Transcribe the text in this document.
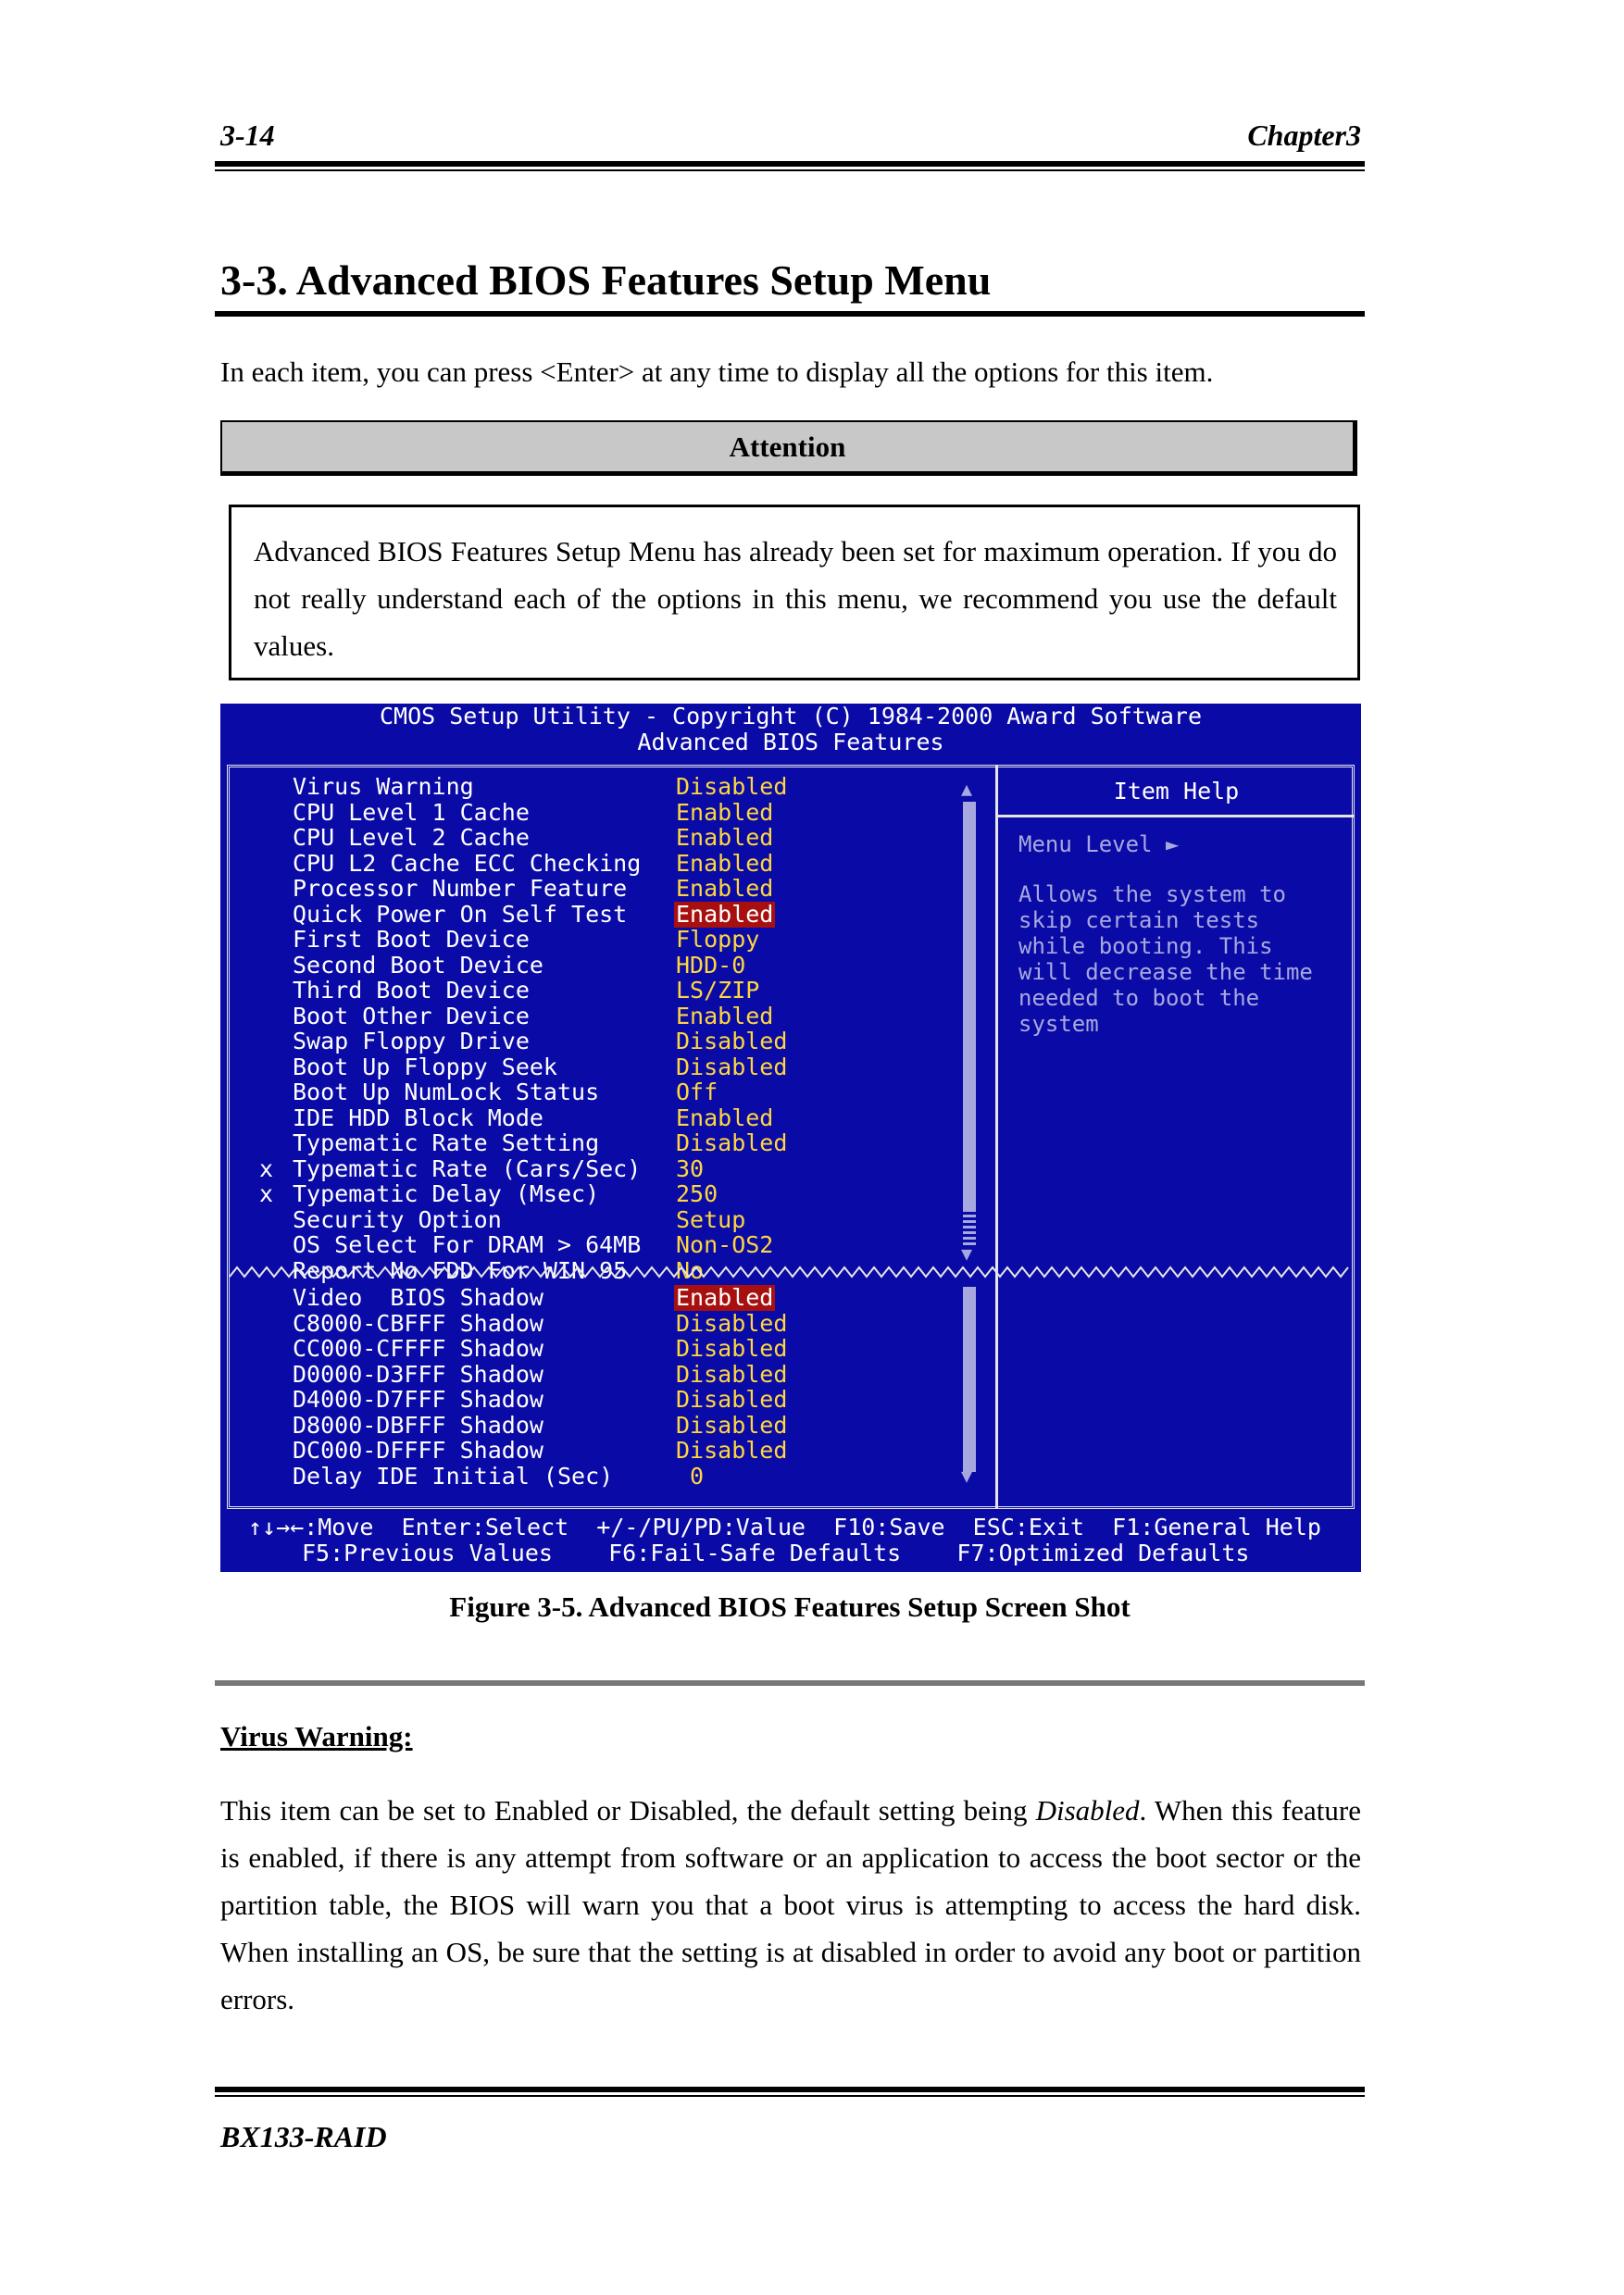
3-14	Chapter3
3-3. Advanced BIOS Features Setup Menu
In each item, you can press <Enter> at any time to display all the options for this item.
Attention
Advanced BIOS Features Setup Menu has already been set for maximum operation. If you do not really understand each of the options in this menu, we recommend you use the default values.
CMOS Setup Utility - Copyright (C) 1984-2000 Award Software
Advanced BIOS Features
Item Help
Menu Level ►
Allows the system to
skip certain tests
while booting. This
will decrease the time
needed to boot the
system
Virus Warning	Disabled
CPU Level 1 Cache	Enabled
CPU Level 2 Cache	Enabled
CPU L2 Cache ECC Checking Enabled
Processor Number Feature Enabled
Quick Power On Self Test Enabled
First Boot Device	Floppy
Second Boot Device	HDD-0
Third Boot Device	LS/ZIP
Boot Other Device	Enabled
Swap Floppy Drive	Disabled
Boot Up Floppy Seek	Disabled
Boot Up NumLock Status	Off
IDE HDD Block Mode	Enabled
Typematic Rate Setting	Disabled
x Typematic Rate (Cars/Sec) 30
x Typematic Delay (Msec)	250
Security Option	Setup
OS Select For DRAM > 64MB Non-OS2
Report No FDD For WIN 95 No
Video  BIOS Shadow	Enabled
C8000-CBFFF Shadow	Disabled
CC000-CFFFF Shadow	Disabled
D0000-D3FFF Shadow	Disabled
D4000-D7FFF Shadow	Disabled
D8000-DBFFF Shadow	Disabled
DC000-DFFFF Shadow	Disabled
Delay IDE Initial (Sec)	0
▲
▼
▼
↑↓→←:Move  Enter:Select  +/-/PU/PD:Value  F10:Save  ESC:Exit  F1:General Help
F5:Previous Values    F6:Fail-Safe Defaults    F7:Optimized Defaults
Figure 3-5. Advanced BIOS Features Setup Screen Shot
Virus Warning:
This item can be set to Enabled or Disabled, the default setting being Disabled. When this feature is enabled, if there is any attempt from software or an application to access the boot sector or the partition table, the BIOS will warn you that a boot virus is attempting to access the hard disk. When installing an OS, be sure that the setting is at disabled in order to avoid any boot or partition errors.
BX133-RAID
